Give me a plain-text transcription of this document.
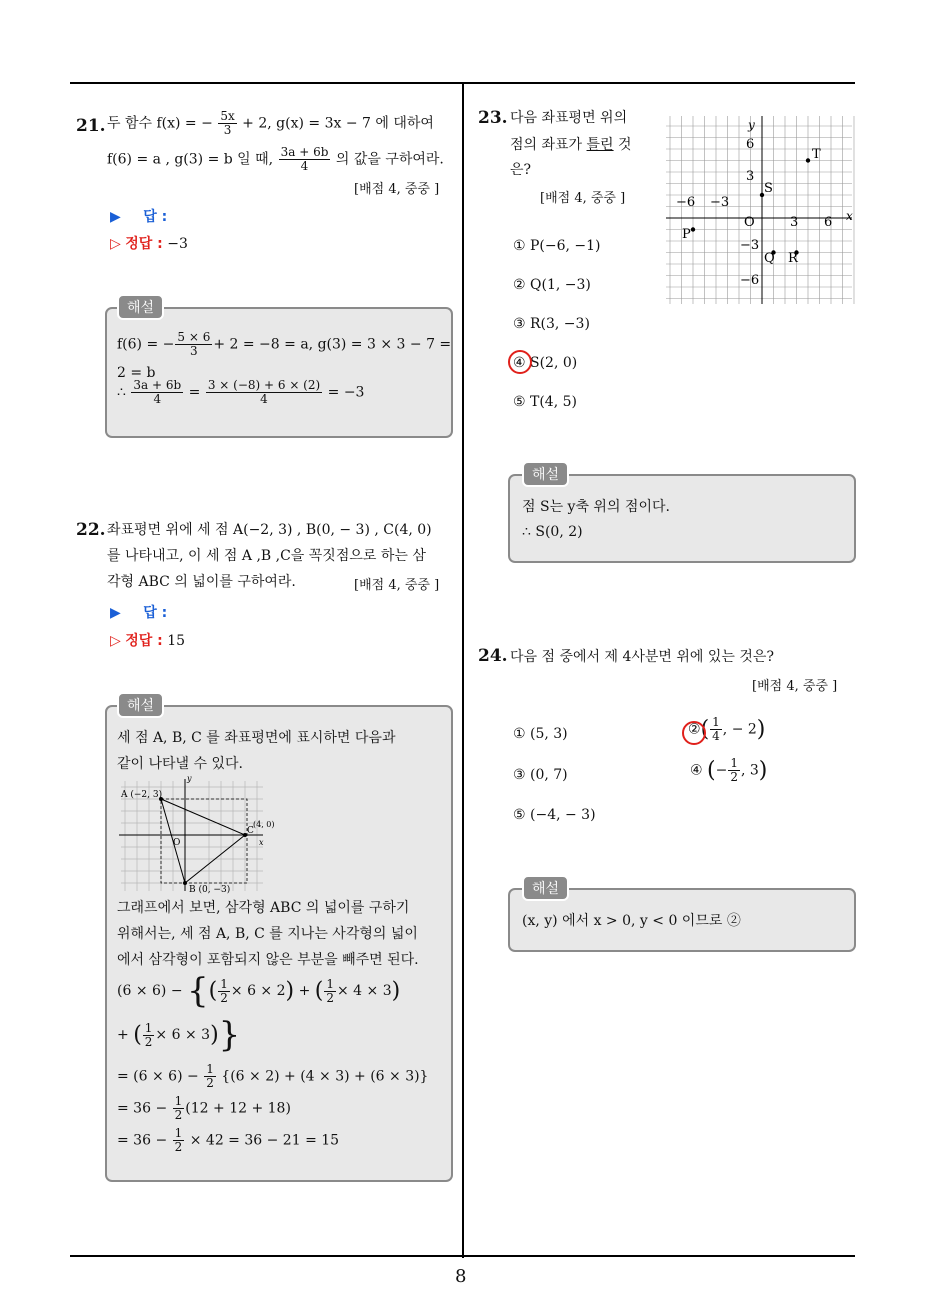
8
21. 두 함수 f(x) = − $\frac{5x}{3} + 2$, g(x) = 3x − 7 에 대하여
f(6) = a , g(3) = b 일 때, $\frac{3a + 6b}{4}$ 의 값을 구하여라.
[배점 4, 중중 ]
▶ 답 :
▷ 정답 : −3
f(6) = − $\frac{5 \times 6}{3} + 2 = -8 = a$, g(3) = 3 × 3 − 7 =
2 = b
∴ $\frac{3a + 6b}{4} = \frac{3 \times (-8) + 6 \times (2)}{4} = -3$
해설
22. 좌표평면 위에 세 점 A(−2, 3) , B(0, − 3) , C(4, 0)
를 나타내고, 이 세 점 A ,B ,C을 꼭짓점으로 하는 삼
각형 ABC 의 넓이를 구하여라.	[배점 4, 중중 ]
▶ 답 :
▷ 정답 : 15
세 점 A, B, C 를 좌표평면에 표시하면 다음과
같이 나타낼 수 있다.
y
x
A (−2, 3)
O
C
(4, 0)
B (0, −3)
그래프에서 보면, 삼각형 ABC 의 넓이를 구하기
위해서는, 세 점 A, B, C 를 지나는 사각형의 넓이
에서 삼각형이 포함되지 않은 부분을 빼주면 된다.
(6 × 6) − {( $\frac{1}{2} \times 6 \times 2$) + ( $\frac{1}{2} \times 4 \times 3$)
+ ( $\frac{1}{2} \times 6 \times 3$)}
= $(6 \times 6) - \frac{1}{2} \{(6 \times 2) + (4 \times 3) + (6 \times 3)\}$
= $36 - \frac{1}{2} (12 + 12 + 18)$
= $36 - \frac{1}{2} \times 42 = 36 - 21 = 15$
해설
23. 다음 좌표평면 위의
점의 좌표가 틀린 것
은?
[배점 4, 중중 ]
y
x
6
3
O
−3
−6
−6 −3
3 6
P
Q R
S
T
① P(−6, −1)
② Q(1, −3)
③ R(3, −3)
④ S(2, 0)
⑤ T(4, 5)
점 S는 y축 위의 점이다.
∴ S(0, 2)
해설
24. 다음 점 중에서 제 4사분면 위에 있는 것은?
[배점 4, 중중 ]
① (5, 3)	②( $\frac{1}{4}$ , − 2)
③ (0, 7)	④ (− $\frac{1}{2}$ , 3)
⑤ (−4, − 3)
(x, y) 에서 x > 0, y < 0 이므로 ②
해설
